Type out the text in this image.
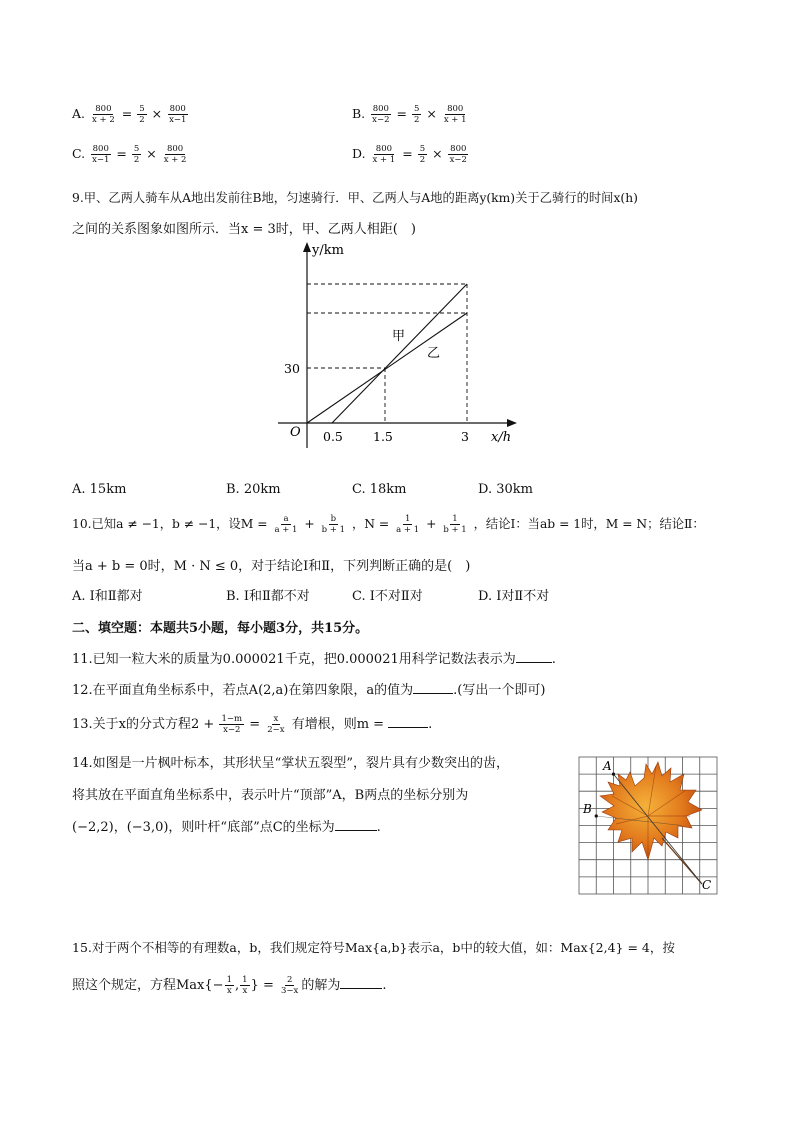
A. $\frac{800}{x + 2} = \frac{5}{2} \times \frac{800}{x-1}$	B. $\frac{800}{x-2} = \frac{5}{2} \times \frac{800}{x + 1}$
C. $\frac{800}{x-1} = \frac{5}{2} \times \frac{800}{x + 2}$	D. $\frac{800}{x + 1} = \frac{5}{2} \times \frac{800}{x-2}$
9.甲、乙两人骑车从A地出发前往B地，匀速骑行．甲、乙两人与A地的距离y(km)关于乙骑行的时间x(h)
之间的关系图象如图所示．当x = 3时，甲、乙两人相距(　)
y/km
x/h
O 0.5 1.5	3
30
甲
乙
A. 15km	B. 20km	C. 18km	D. 30km
10.已知a ≠ −1，b ≠ −1，设$M = \frac{a}{a + 1} + \frac{b}{b + 1}$ ，$N = \frac{1}{a + 1} + \frac{1}{b + 1}$ ，结论Ⅰ：当ab = 1时，M = N；结论Ⅱ：
当a + b = 0时，M · N ≤ 0，对于结论Ⅰ和Ⅱ，下列判断正确的是(　)
A. Ⅰ和Ⅱ都对	B. Ⅰ和Ⅱ都不对	C. Ⅰ不对Ⅱ对	D. Ⅰ对Ⅱ不对
二、填空题：本题共5小题，每小题3分，共15分。
11.已知一粒大米的质量为0.000021千克，把0.000021用科学记数法表示为	.
12.在平面直角坐标系中，若点A(2,a)在第四象限，a的值为	.(写出一个即可)
13.关于x的分式方程$2 + \frac{1-m}{x-2} = \frac{x}{2-x}$ 有增根，则m =	.
14.如图是一片枫叶标本，其形状呈“掌状五裂型”，裂片具有少数突出的齿，
将其放在平面直角坐标系中，表示叶片“顶部”A，B两点的坐标分别为
(−2,2)，(−3,0)，则叶杆“底部”点C的坐标为	.
A
B
C
15.对于两个不相等的有理数a，b，我们规定符号Max{a,b}表示a，b中的较大值，如：Max{2,4} = 4，按
照这个规定，方程$Max\{- \frac{1}{x}$ , $\frac{1}{x}$ } = $\frac{2}{3-x}$ 的解为	.
